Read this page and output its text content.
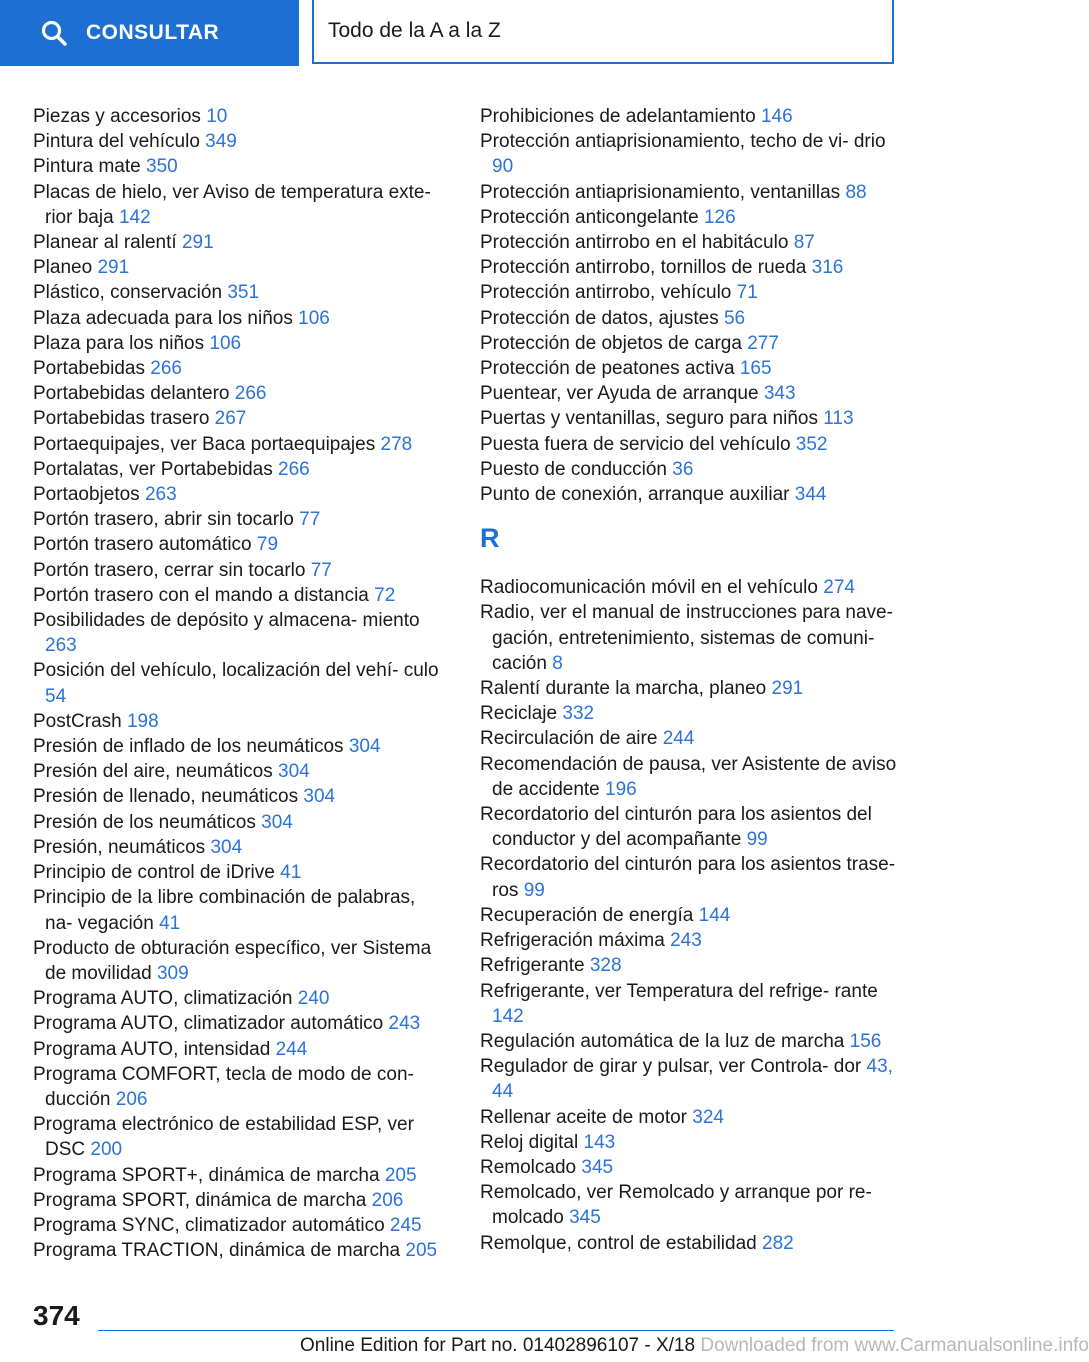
CONSULTAR	Todo de la A a la Z

Piezas y accesorios 10

Pintura del vehículo 349

Pintura mate 350

Placas de hielo, ver Aviso de temperatura exte- rior baja 142

Planear al ralentí 291

Planeo 291

Plástico, conservación 351

Plaza adecuada para los niños 106

Plaza para los niños 106

Portabebidas 266

Portabebidas delantero 266

Portabebidas trasero 267

Portaequipajes, ver Baca portaequipajes 278

Portalatas, ver Portabebidas 266

Portaobjetos 263

Portón trasero, abrir sin tocarlo 77

Portón trasero automático 79

Portón trasero, cerrar sin tocarlo 77

Portón trasero con el mando a distancia 72

Posibilidades de depósito y almacena- miento 263

Posición del vehículo, localización del vehí- culo 54

PostCrash 198

Presión de inflado de los neumáticos 304

Presión del aire, neumáticos 304

Presión de llenado, neumáticos 304

Presión de los neumáticos 304

Presión, neumáticos 304

Principio de control de iDrive 41

Principio de la libre combinación de palabras, na- vegación 41

Producto de obturación específico, ver Sistema de movilidad 309

Programa AUTO, climatización 240

Programa AUTO, climatizador automático 243

Programa AUTO, intensidad 244

Programa COMFORT, tecla de modo de con- ducción 206

Programa electrónico de estabilidad ESP, ver DSC 200

Programa SPORT+, dinámica de marcha 205

Programa SPORT, dinámica de marcha 206

Programa SYNC, climatizador automático 245

Programa TRACTION, dinámica de marcha 205

Prohibiciones de adelantamiento 146

Protección antiaprisionamiento, techo de vi- drio 90

Protección antiaprisionamiento, ventanillas 88

Protección anticongelante 126

Protección antirrobo en el habitáculo 87

Protección antirrobo, tornillos de rueda 316

Protección antirrobo, vehículo 71

Protección de datos, ajustes 56

Protección de objetos de carga 277

Protección de peatones activa 165

Puentear, ver Ayuda de arranque 343

Puertas y ventanillas, seguro para niños 113

Puesta fuera de servicio del vehículo 352

Puesto de conducción 36

Punto de conexión, arranque auxiliar 344

R

Radiocomunicación móvil en el vehículo 274

Radio, ver el manual de instrucciones para nave- gación, entretenimiento, sistemas de comuni- cación 8

Ralentí durante la marcha, planeo 291

Reciclaje 332

Recirculación de aire 244

Recomendación de pausa, ver Asistente de aviso de accidente 196

Recordatorio del cinturón para los asientos del conductor y del acompañante 99

Recordatorio del cinturón para los asientos trase- ros 99

Recuperación de energía 144

Refrigeración máxima 243

Refrigerante 328

Refrigerante, ver Temperatura del refrige- rante 142

Regulación automática de la luz de marcha 156

Regulador de girar y pulsar, ver Controla- dor 43, 44

Rellenar aceite de motor 324

Reloj digital 143

Remolcado 345

Remolcado, ver Remolcado y arranque por re- molcado 345

Remolque, control de estabilidad 282

374
Online Edition for Part no. 01402896107 - X/18 Downloaded from www.Carmanualsonline.info
